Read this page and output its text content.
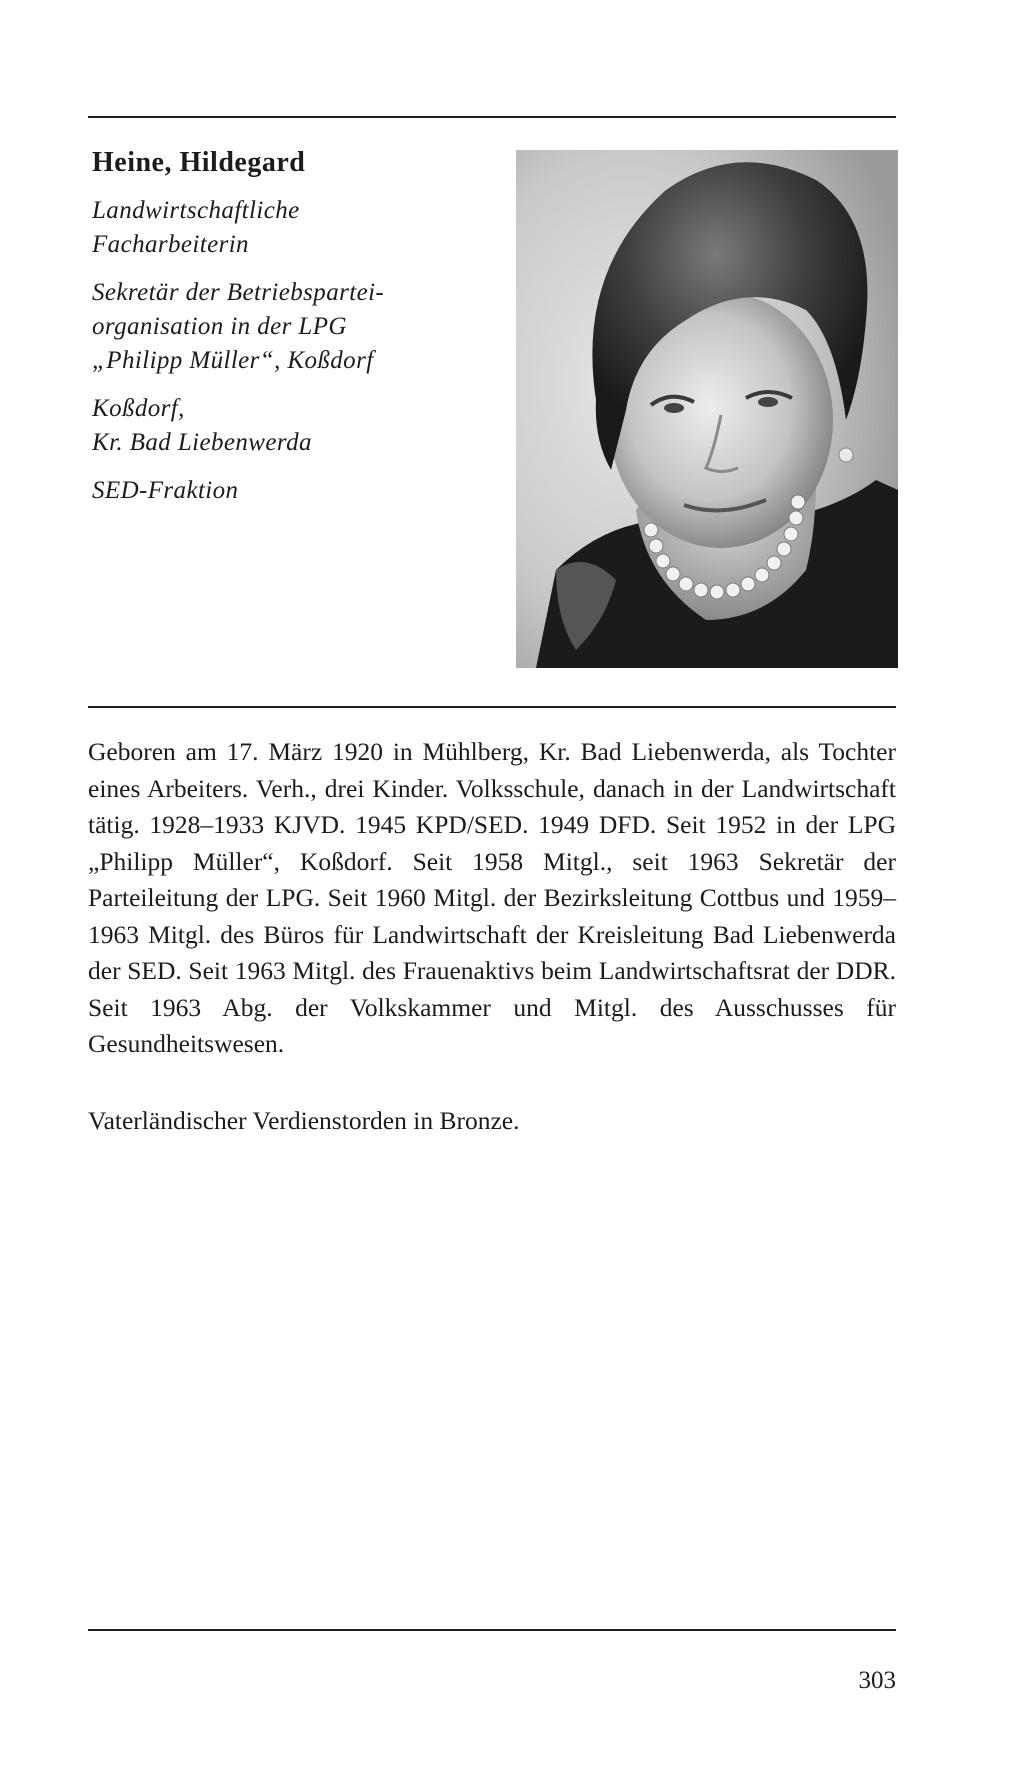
Heine, Hildegard

Landwirtschaftliche

Facharbeiterin

Sekretär der Betriebspartei-

organisation in der LPG

„Philipp Müller“, Koßdorf

Koßdorf,

Kr. Bad Liebenwerda

SED-Fraktion

Geboren am 17. März 1920 in Mühlberg, Kr. Bad Liebenwerda, als Tochter eines Arbeiters. Verh., drei Kinder. Volksschule, danach in der Landwirtschaft tätig. 1928–1933 KJVD. 1945 KPD/SED. 1949 DFD. Seit 1952 in der LPG „Philipp Müller“, Koßdorf. Seit 1958 Mitgl., seit 1963 Sekretär der Parteileitung der LPG. Seit 1960 Mitgl. der Bezirksleitung Cottbus und 1959–1963 Mitgl. des Büros für Landwirtschaft der Kreisleitung Bad Liebenwerda der SED. Seit 1963 Mitgl. des Frauenaktivs beim Landwirtschaftsrat der DDR. Seit 1963 Abg. der Volkskammer und Mitgl. des Ausschusses für Gesundheitswesen.

Vaterländischer Verdienstorden in Bronze.
303
